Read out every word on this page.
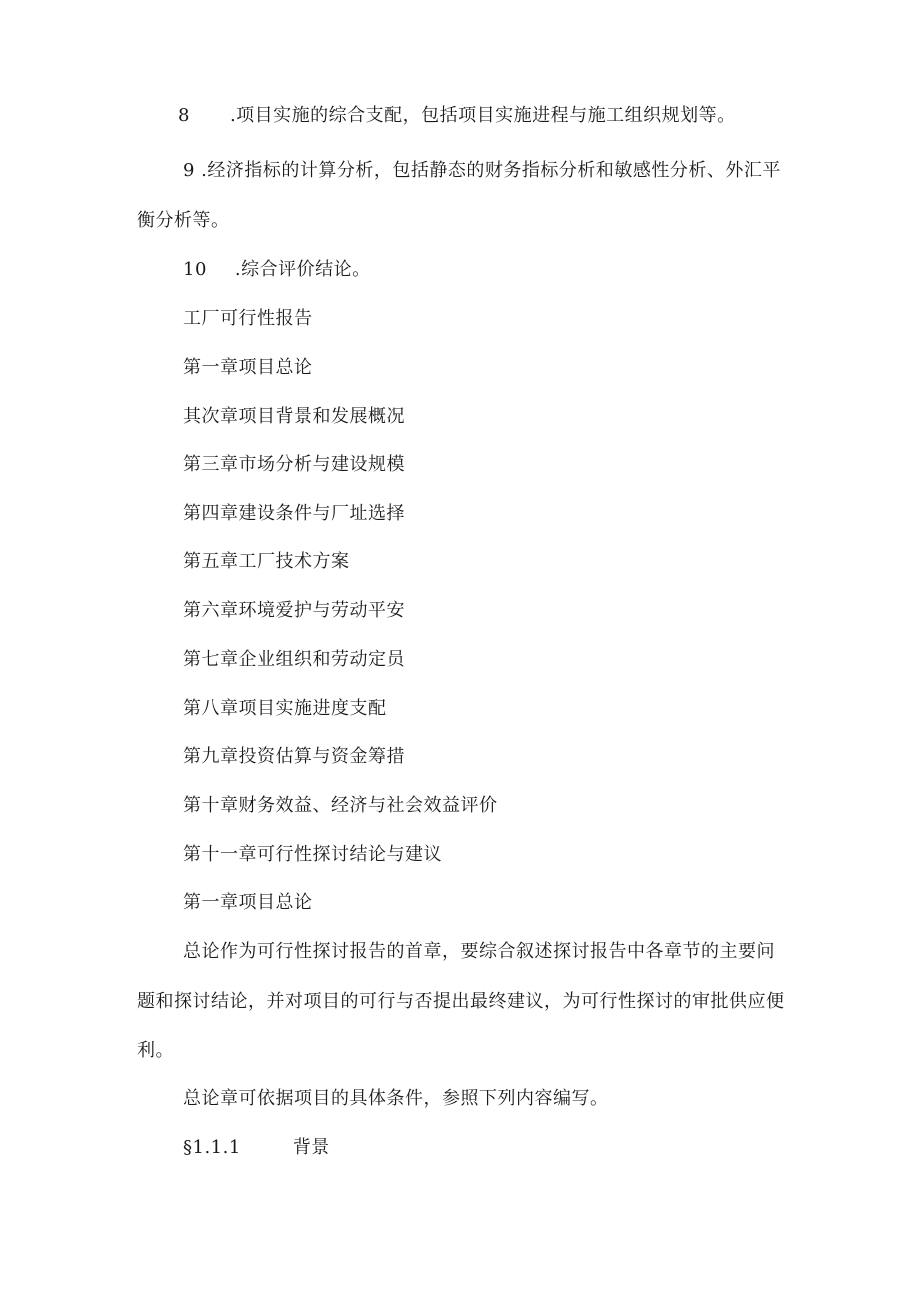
8 .项目实施的综合支配，包括项目实施进程与施工组织规划等。
9 .经济指标的计算分析，包括静态的财务指标分析和敏感性分析、外汇平
衡分析等。
10 .综合评价结论。
工厂可行性报告
第一章项目总论
其次章项目背景和发展概况
第三章市场分析与建设规模
第四章建设条件与厂址选择
第五章工厂技术方案
第六章环境爱护与劳动平安
第七章企业组织和劳动定员
第八章项目实施进度支配
第九章投资估算与资金筹措
第十章财务效益、经济与社会效益评价
第十一章可行性探讨结论与建议
第一章项目总论
总论作为可行性探讨报告的首章，要综合叙述探讨报告中各章节的主要问
题和探讨结论，并对项目的可行与否提出最终建议，为可行性探讨的审批供应便
利。
总论章可依据项目的具体条件，参照下列内容编写。
§1.1.1	背景
